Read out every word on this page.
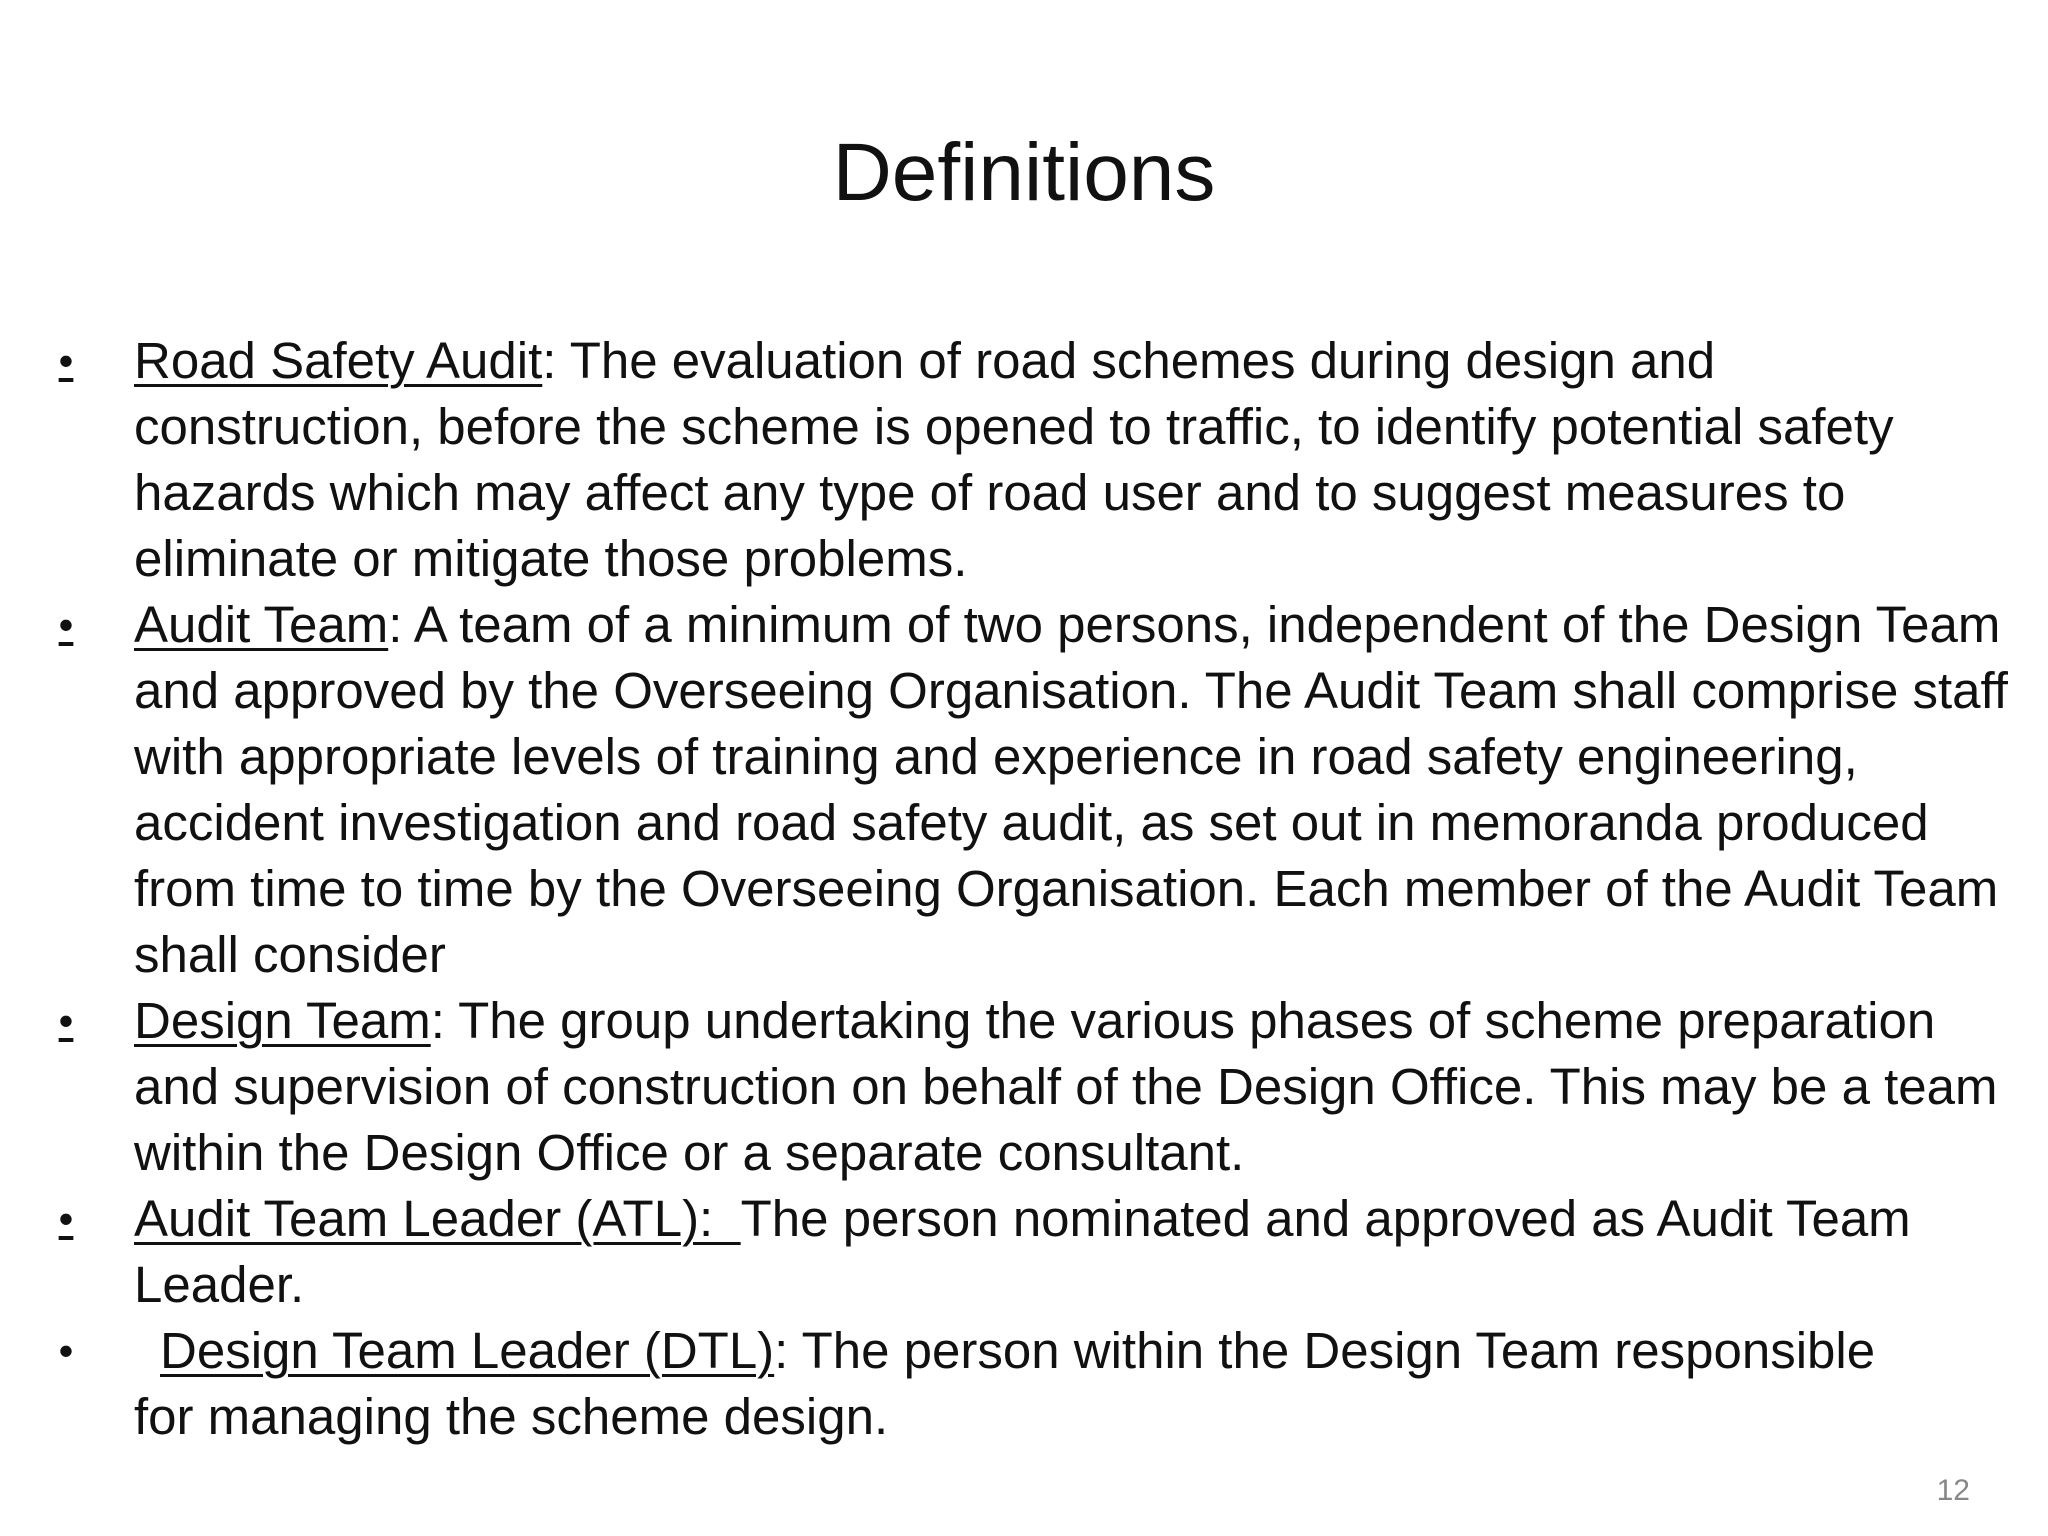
Definitions
• Road Safety Audit: The evaluation of road schemes during design and construction, before the scheme is opened to traffic, to identify potential safety hazards which may affect any type of road user and to suggest measures to eliminate or mitigate those problems.
• Audit Team: A team of a minimum of two persons, independent of the Design Team and approved by the Overseeing Organisation. The Audit Team shall comprise staff with appropriate levels of training and experience in road safety engineering, accident investigation and road safety audit, as set out in memoranda produced from time to time by the Overseeing Organisation. Each member of the Audit Team shall consider
• Design Team: The group undertaking the various phases of scheme preparation and supervision of construction on behalf of the Design Office. This may be a team within the Design Office or a separate consultant.
• Audit Team Leader (ATL):  The person nominated and approved as Audit Team Leader.
• Design Team Leader (DTL): The person within the Design Team responsible
for managing the scheme design.
12
